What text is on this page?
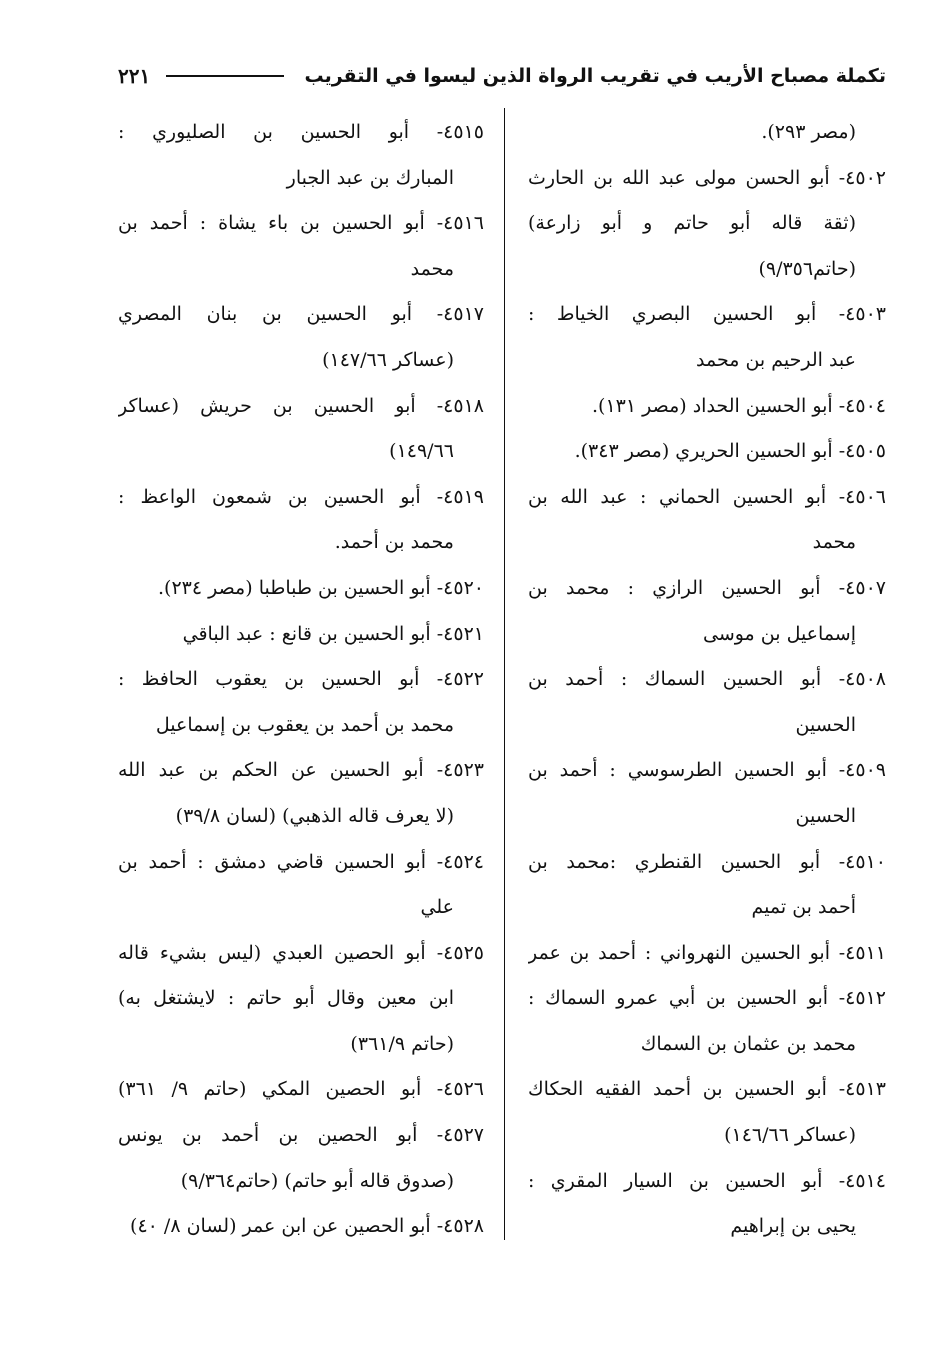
تكملة مصباح الأريب في تقريب الرواة الذين ليسوا في التقريب
٢٢١
(مصر ٢٩٣).
٤٥٠٢- أبو الحسن مولى عبد الله بن الحارث
(ثقة قاله أبو حاتم و أبو زارعة)
(حاتم٩/٣٥٦)
٤٥٠٣- أبو الحسين البصري الخياط :
عبد الرحيم بن محمد
٤٥٠٤- أبو الحسين الحداد (مصر ١٣١).
٤٥٠٥- أبو الحسين الحريري (مصر ٣٤٣).
٤٥٠٦- أبو الحسين الحماني : عبد الله بن
محمد
٤٥٠٧- أبو الحسين الرازي : محمد بن
إسماعيل بن موسى
٤٥٠٨- أبو الحسين السماك : أحمد بن
الحسين
٤٥٠٩- أبو الحسين الطرسوسي : أحمد بن
الحسين
٤٥١٠- أبو الحسين القنطري :محمد بن
أحمد بن تميم
٤٥١١- أبو الحسين النهرواني : أحمد بن عمر
٤٥١٢- أبو الحسين بن أبي عمرو السماك :
محمد بن عثمان بن السماك
٤٥١٣- أبو الحسين بن أحمد الفقيه الحكاك
(عساكر ١٤٦/٦٦)
٤٥١٤- أبو الحسين بن السيار المقري :
يحيى بن إبراهيم
٤٥١٥- أبو الحسين بن الصليوري :
المبارك بن عبد الجبار
٤٥١٦- أبو الحسين بن باء يشاة : أحمد بن
محمد
٤٥١٧- أبو الحسين بن بنان المصري
(عساكر ١٤٧/٦٦)
٤٥١٨- أبو الحسين بن حريش (عساكر
١٤٩/٦٦)
٤٥١٩- أبو الحسين بن شمعون الواعظ :
محمد بن أحمد.
٤٥٢٠- أبو الحسين بن طباطبا (مصر ٢٣٤).
٤٥٢١- أبو الحسين بن قانع : عبد الباقي
٤٥٢٢- أبو الحسين بن يعقوب الحافظ :
محمد بن أحمد بن يعقوب بن إسماعيل
٤٥٢٣- أبو الحسين عن الحكم بن عبد الله
(لا يعرف قاله الذهبي) (لسان ٣٩/٨)
٤٥٢٤- أبو الحسين قاضي دمشق : أحمد بن
علي
٤٥٢٥- أبو الحصين العبدي (ليس بشيء قاله
ابن معين وقال أبو حاتم : لايشتغل به)
(حاتم ٣٦١/٩)
٤٥٢٦- أبو الحصين المكي (حاتم ٩/ ٣٦١)
٤٥٢٧- أبو الحصين بن أحمد بن يونس
(صدوق قاله أبو حاتم) (حاتم٩/٣٦٤)
٤٥٢٨- أبو الحصين عن ابن عمر (لسان ٨/ ٤٠)
